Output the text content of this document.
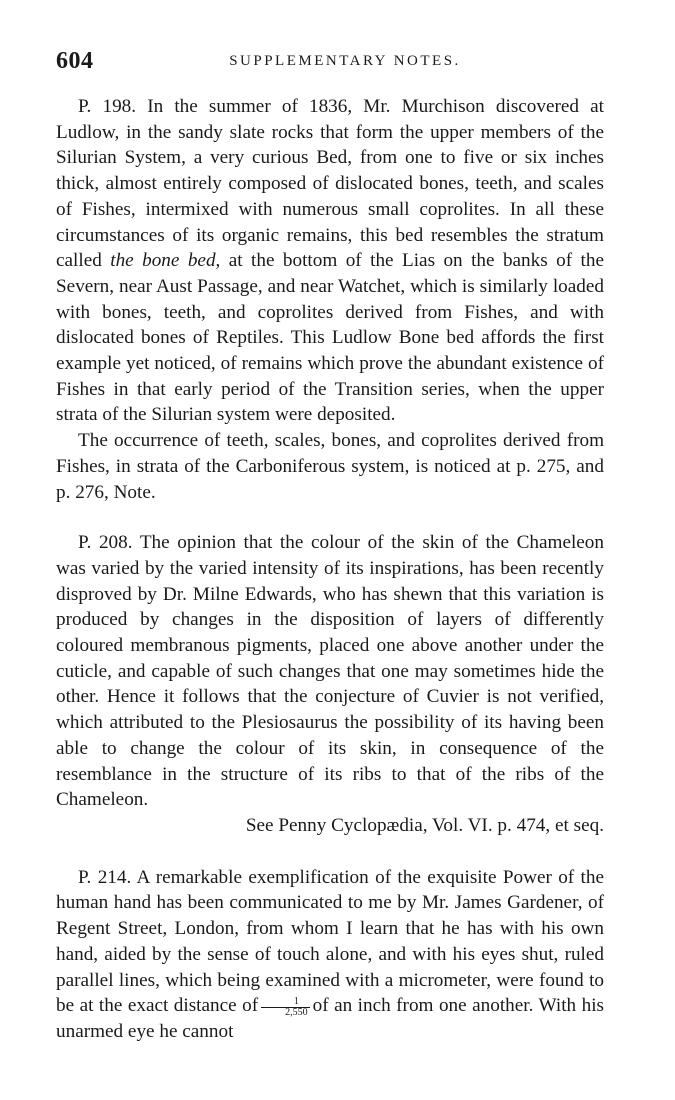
604	SUPPLEMENTARY NOTES.

P. 198. In the summer of 1836, Mr. Murchison discovered at Ludlow, in the sandy slate rocks that form the upper members of the Silurian System, a very curious Bed, from one to five or six inches thick, almost entirely composed of dislocated bones, teeth, and scales of Fishes, intermixed with numerous small coprolites. In all these circumstances of its organic remains, this bed resembles the stratum called the bone bed, at the bottom of the Lias on the banks of the Severn, near Aust Passage, and near Watchet, which is similarly loaded with bones, teeth, and coprolites derived from Fishes, and with dislocated bones of Reptiles. This Ludlow Bone bed affords the first example yet noticed, of remains which prove the abundant existence of Fishes in that early period of the Transition series, when the upper strata of the Silurian system were deposited.

The occurrence of teeth, scales, bones, and coprolites derived from Fishes, in strata of the Carboniferous system, is noticed at p. 275, and p. 276, Note.

P. 208. The opinion that the colour of the skin of the Chameleon was varied by the varied intensity of its inspirations, has been recently disproved by Dr. Milne Edwards, who has shewn that this variation is produced by changes in the disposition of layers of differently coloured membranous pigments, placed one above another under the cuticle, and capable of such changes that one may sometimes hide the other. Hence it follows that the conjecture of Cuvier is not verified, which attributed to the Plesiosaurus the possibility of its having been able to change the colour of its skin, in consequence of the resemblance in the structure of its ribs to that of the ribs of the Chameleon.

See Penny Cyclopædia, Vol. VI. p. 474, et seq.

P. 214. A remarkable exemplification of the exquisite Power of the human hand has been communicated to me by Mr. James Gardener, of Regent Street, London, from whom I learn that he has with his own hand, aided by the sense of touch alone, and with his eyes shut, ruled parallel lines, which being examined with a micrometer, were found to be at the exact distance of $\frac{1}{2,550}$ of an inch from one another. With his unarmed eye he cannot
